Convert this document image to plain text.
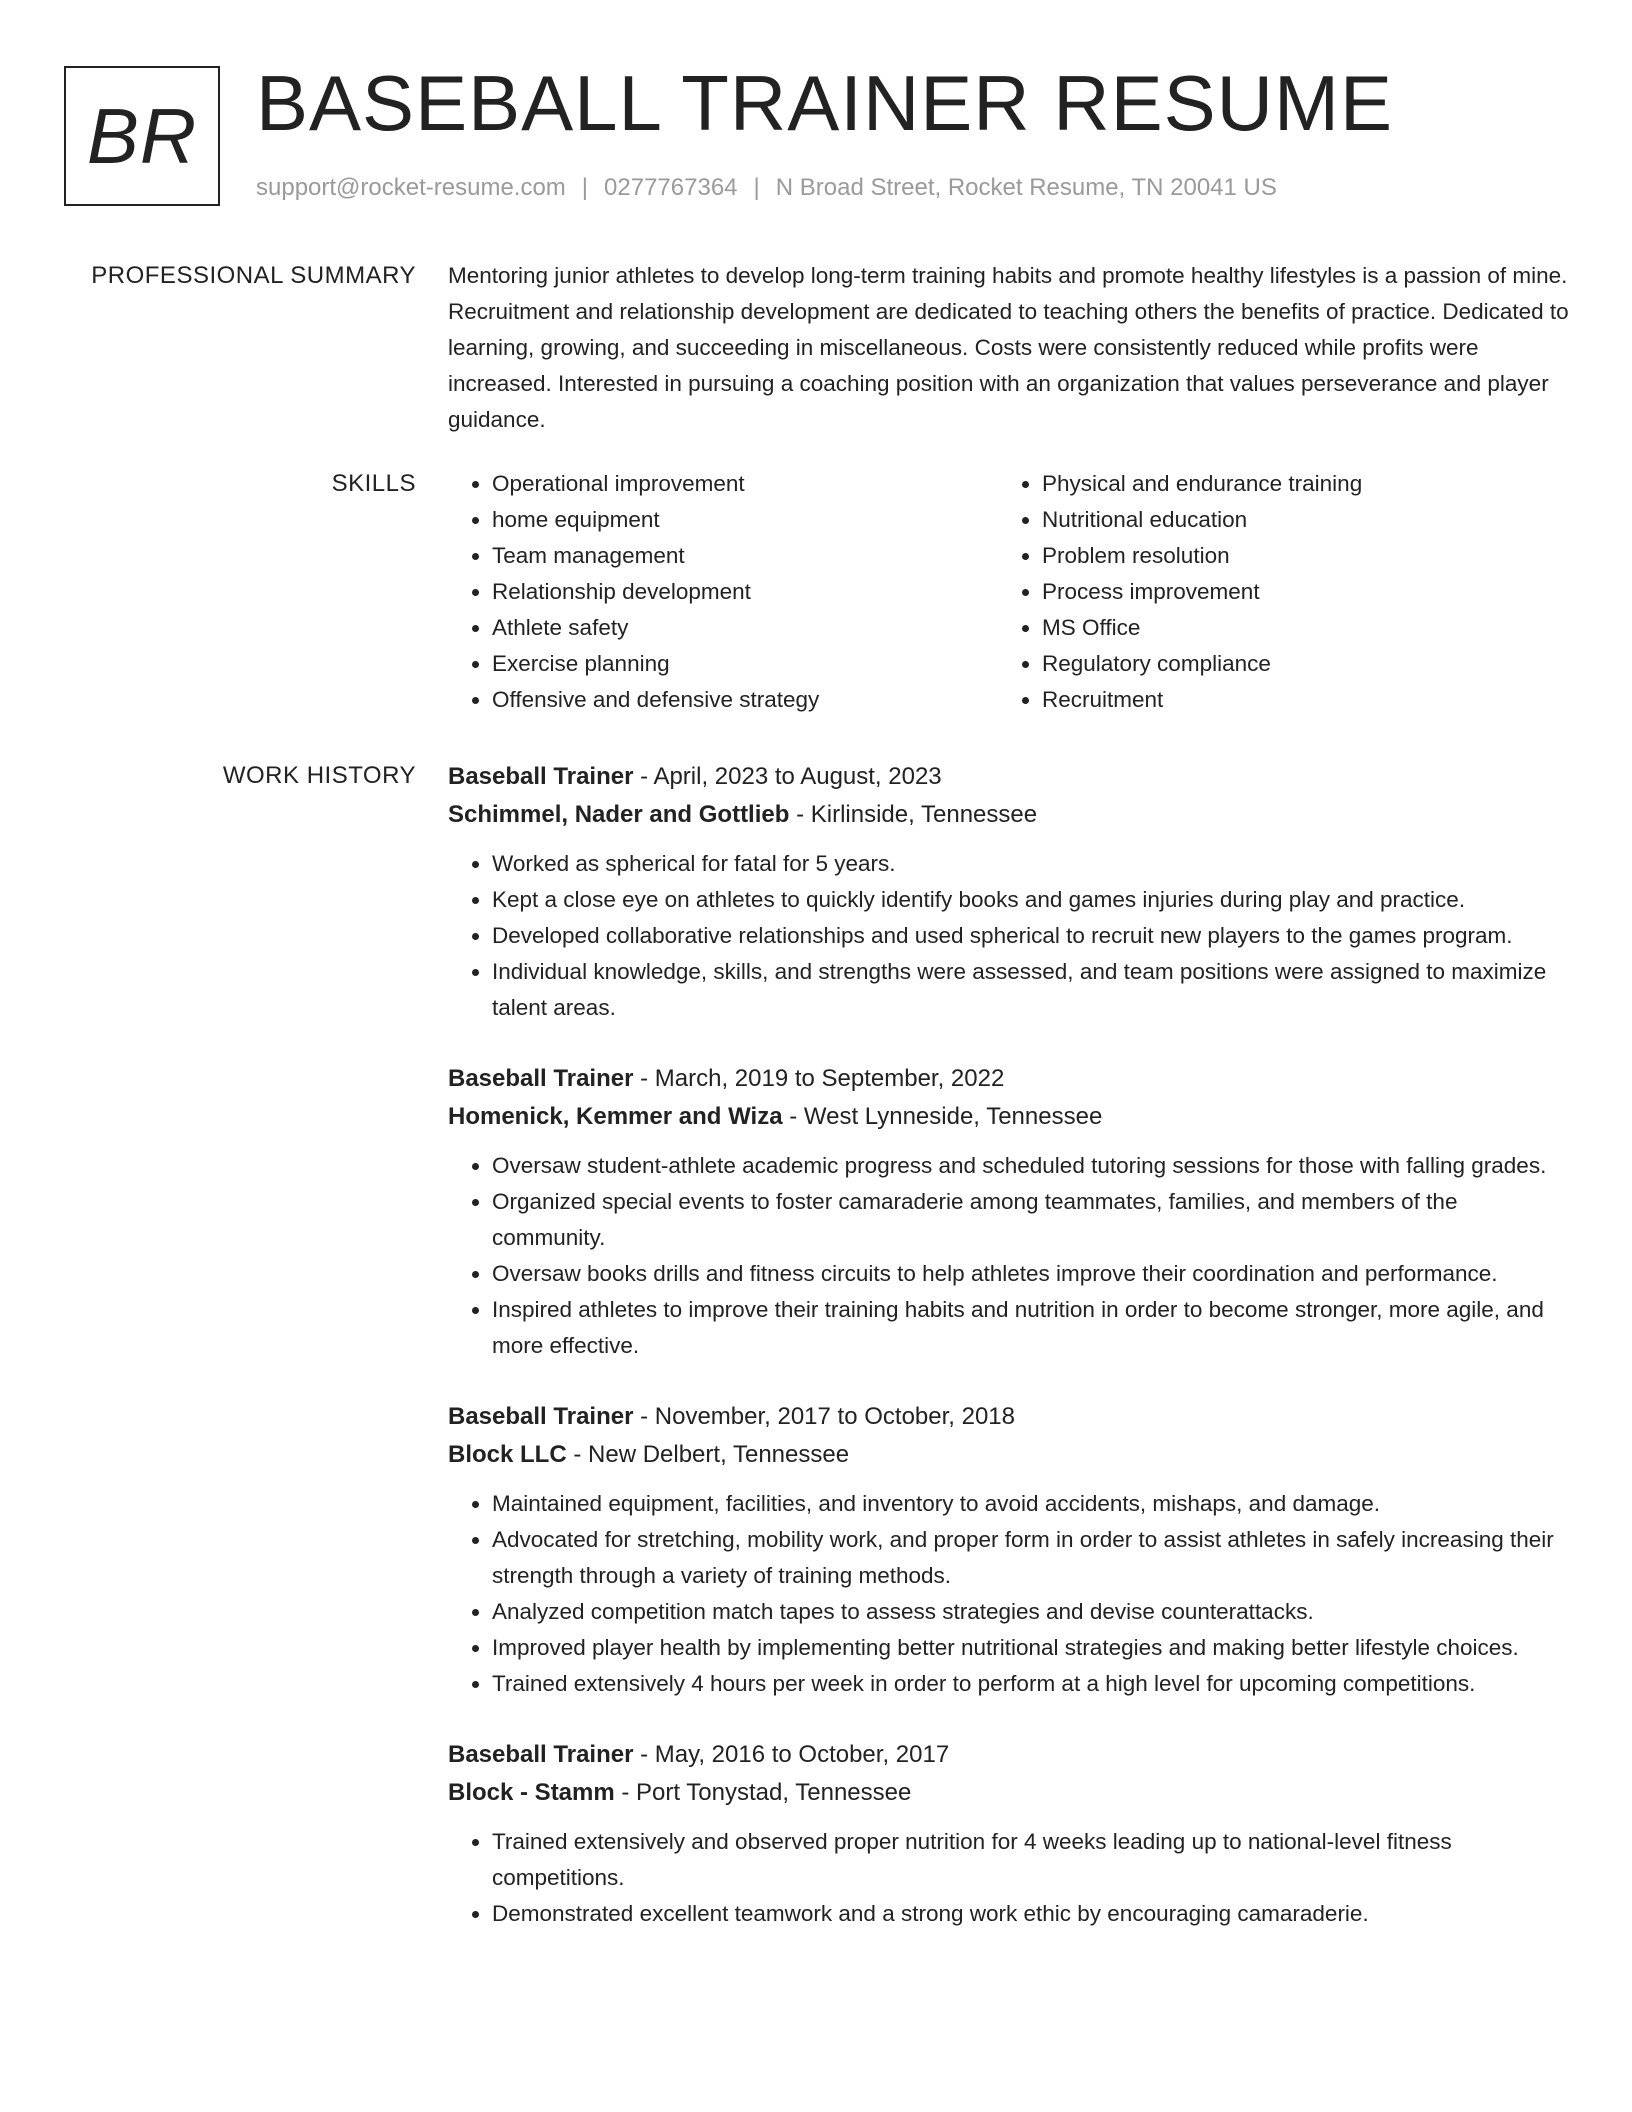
BR BASEBALL TRAINER RESUME
support@rocket-resume.com | 0277767364 | N Broad Street, Rocket Resume, TN 20041 US
PROFESSIONAL SUMMARY Mentoring junior athletes to develop long-term training habits and promote healthy lifestyles is a passion of mine. Recruitment and relationship development are dedicated to teaching others the benefits of practice. Dedicated to learning, growing, and succeeding in miscellaneous. Costs were consistently reduced while profits were increased. Interested in pursuing a coaching position with an organization that values perseverance and player guidance.

SKILLS
•	Operational improvement
• home equipment
• Team management
• Relationship development
• Athlete safety
• Exercise planning
• Offensive and defensive strategy
• Physical and endurance training
• Nutritional education
• Problem resolution
• Process improvement
• MS Office
• Regulatory compliance
• Recruitment
WORK HISTORY Baseball Trainer - April, 2023 to August, 2023
Schimmel, Nader and Gottlieb - Kirlinside, Tennessee
• Worked as spherical for fatal for 5 years.
• Kept a close eye on athletes to quickly identify books and games injuries during play and practice.
• Developed collaborative relationships and used spherical to recruit new players to the games program.
• Individual knowledge, skills, and strengths were assessed, and team positions were assigned to maximize talent areas.
Baseball Trainer - March, 2019 to September, 2022
Homenick, Kemmer and Wiza - West Lynneside, Tennessee
• Oversaw student-athlete academic progress and scheduled tutoring sessions for those with falling grades.
• Organized special events to foster camaraderie among teammates, families, and members of the community.
• Oversaw books drills and fitness circuits to help athletes improve their coordination and performance.
• Inspired athletes to improve their training habits and nutrition in order to become stronger, more agile, and more effective.
Baseball Trainer - November, 2017 to October, 2018
Block LLC - New Delbert, Tennessee
• Maintained equipment, facilities, and inventory to avoid accidents, mishaps, and damage.
• Advocated for stretching, mobility work, and proper form in order to assist athletes in safely increasing their strength through a variety of training methods.
• Analyzed competition match tapes to assess strategies and devise counterattacks.
• Improved player health by implementing better nutritional strategies and making better lifestyle choices.
• Trained extensively 4 hours per week in order to perform at a high level for upcoming competitions.
Baseball Trainer - May, 2016 to October, 2017
Block - Stamm - Port Tonystad, Tennessee
• Trained extensively and observed proper nutrition for 4 weeks leading up to national-level fitness competitions.
• Demonstrated excellent teamwork and a strong work ethic by encouraging camaraderie.
